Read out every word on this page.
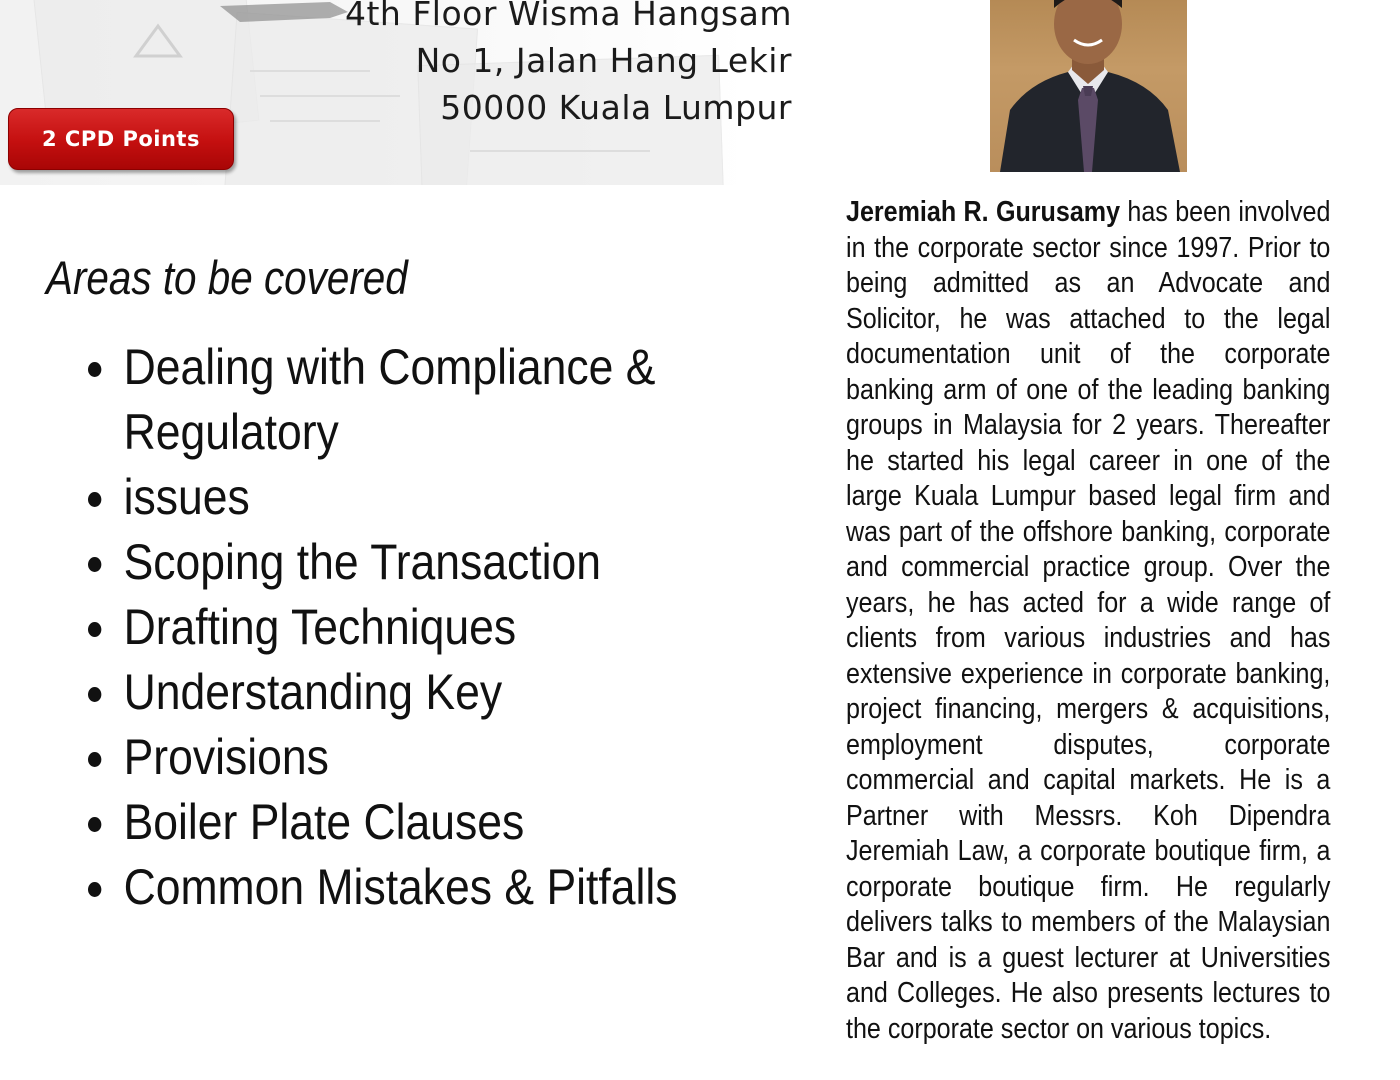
4th Floor Wisma Hangsam
No 1, Jalan Hang Lekir
50000 Kuala Lumpur
2 CPD Points
Areas to be covered
Dealing with Compliance &
Regulatory
issues
Scoping the Transaction
Drafting Techniques
Understanding Key
Provisions
Boiler Plate Clauses
Common Mistakes & Pitfalls
Jeremiah R. Gurusamy has been involved in the corporate sector since 1997. Prior to being admitted as an Advocate and Solicitor, he was attached to the legal documentation unit of the corporate banking arm of one of the leading banking groups in Malaysia for 2 years. Thereafter he started his legal career in one of the large Kuala Lumpur based legal firm and was part of the offshore banking, corporate and commercial practice group. Over the years, he has acted for a wide range of clients from various industries and has extensive experience in corporate banking, project financing, mergers & acquisitions, employment disputes, corporate commercial and capital markets. He is a Partner with Messrs. Koh Dipendra Jeremiah Law, a corporate boutique firm, a corporate boutique firm. He regularly delivers talks to members of the Malaysian Bar and is a guest lecturer at Universities and Colleges. He also presents lectures to the corporate sector on various topics.
